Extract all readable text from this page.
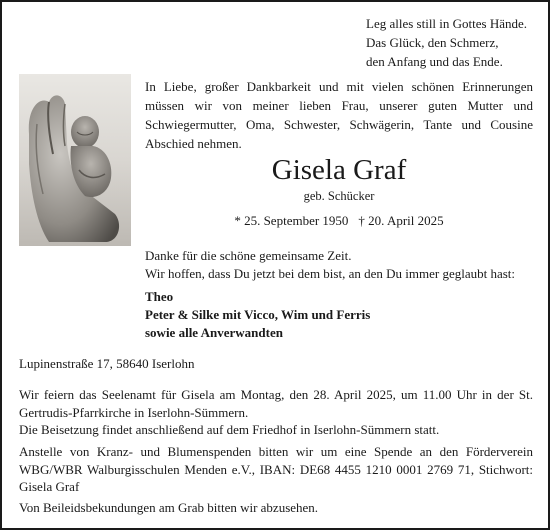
Leg alles still in Gottes Hände.
Das Glück, den Schmerz,
den Anfang und das Ende.

In Liebe, großer Dankbarkeit und mit vielen schönen Erinnerungen müssen wir von meiner lieben Frau, unserer guten Mutter und Schwiegermutter, Oma, Schwester, Schwägerin, Tante und Cousine Abschied nehmen.

Gisela Graf
geb. Schücker
* 25. September 1950 † 20. April 2025
Danke für die schöne gemeinsame Zeit.
Wir hoffen, dass Du jetzt bei dem bist, an den Du immer geglaubt hast:
Theo
Peter & Silke mit Vicco, Wim und Ferris
sowie alle Anverwandten
Lupinenstraße 17, 58640 Iserlohn

Wir feiern das Seelenamt für Gisela am Montag, den 28. April 2025, um 11.00 Uhr in der St. Gertrudis-Pfarrkirche in Iserlohn-Sümmern.

Die Beisetzung findet anschließend auf dem Friedhof in Iserlohn-Sümmern statt.

Anstelle von Kranz- und Blumenspenden bitten wir um eine Spende an den Förderverein WBG/WBR Walburgisschulen Menden e.V., IBAN: DE68 4455 1210 0001 2769 71, Stichwort: Gisela Graf

Von Beileidsbekundungen am Grab bitten wir abzusehen.
